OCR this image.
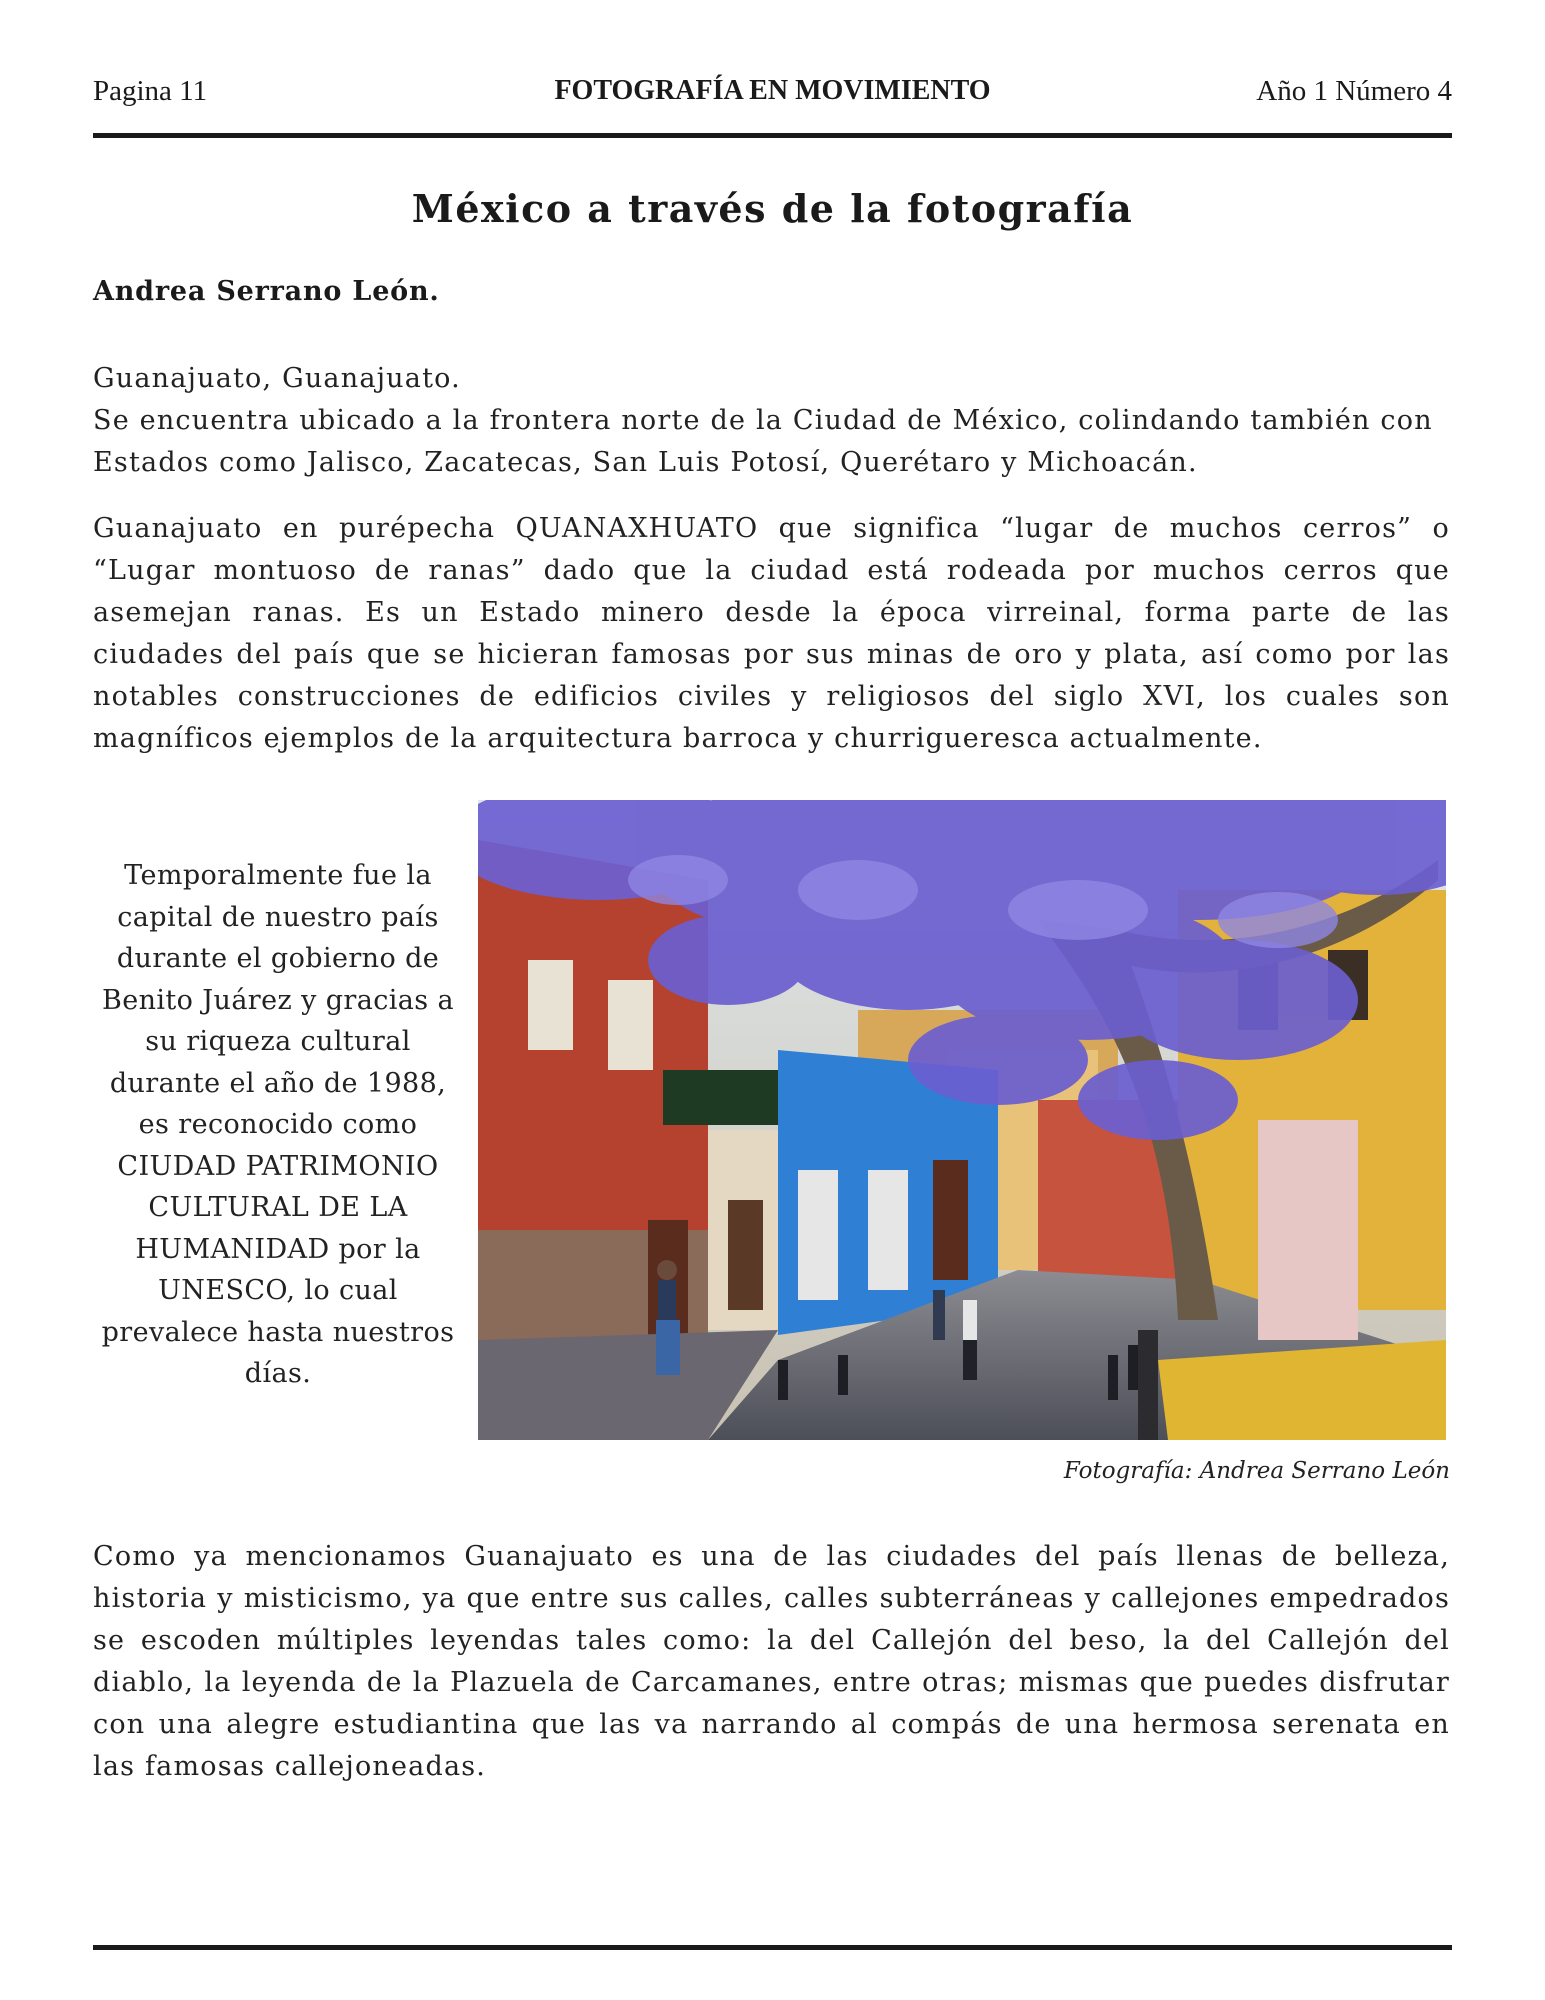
Pagina 11	FOTOGRAFÍA EN MOVIMIENTO	Año 1 Número 4
México a través de la fotografía
Andrea Serrano León.

Guanajuato, Guanajuato.
Se encuentra ubicado a la frontera norte de la Ciudad de México, colindando también con Estados como Jalisco, Zacatecas, San Luis Potosí, Querétaro y Michoacán.

Guanajuato en purépecha QUANAXHUATO que significa “lugar de muchos cerros” o “Lugar montuoso de ranas” dado que la ciudad está rodeada por muchos cerros que asemejan ranas. Es un Estado minero desde la época virreinal, forma parte de las ciudades del país que se hicieran famosas por sus minas de oro y plata, así como por las notables construcciones de edificios civiles y religiosos del siglo XVI, los cuales son magníficos ejemplos de la arquitectura barroca y churrigueresca actualmente.

Temporalmente fue la capital de nuestro país durante el gobierno de Benito Juárez y gracias a su riqueza cultural durante el año de 1988, es reconocido como CIUDAD PATRIMONIO CULTURAL DE LA HUMANIDAD por la UNESCO, lo cual prevalece hasta nuestros días.
Fotografía: Andrea Serrano León

Como ya mencionamos Guanajuato es una de las ciudades del país llenas de belleza, historia y misticismo, ya que entre sus calles, calles subterráneas y callejones empedrados se escoden múltiples leyendas tales como: la del Callejón del beso, la del Callejón del diablo, la leyenda de la Plazuela de Carcamanes, entre otras; mismas que puedes disfrutar con una alegre estudiantina que las va narrando al compás de una hermosa serenata en las famosas callejoneadas.
